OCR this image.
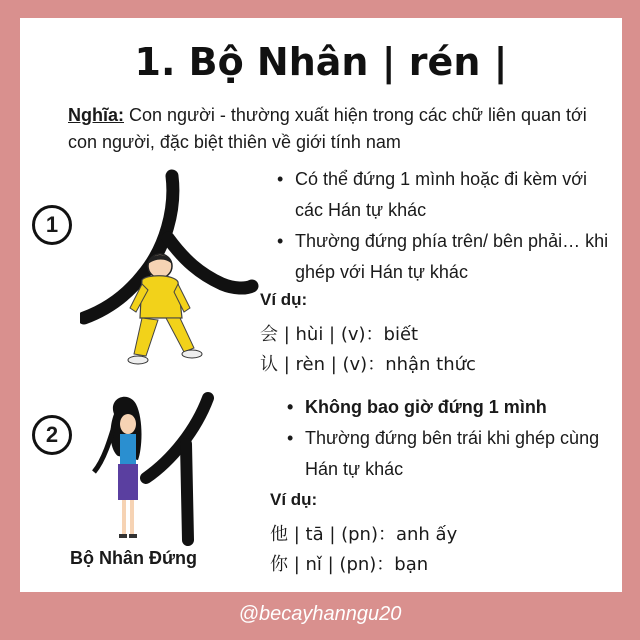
1. Bộ Nhân | rén |
Nghĩa: Con người - thường xuất hiện trong các chữ liên quan tới con người, đặc biệt thiên về giới tính nam
1
• Có thể đứng 1 mình hoặc đi kèm với các Hán tự khác
• Thường đứng phía trên/ bên phải… khi ghép với Hán tự khác
Ví dụ:
会 | hùi | (v)：biết
认 | rèn | (v)：nhận thức
2
• Không bao giờ đứng 1 mình
• Thường đứng bên trái khi ghép cùng Hán tự khác
Ví dụ:
他 | tā | (pn)：anh ấy
你 | nǐ | (pn)：bạn
Bộ Nhân Đứng
@becayhanngu20
